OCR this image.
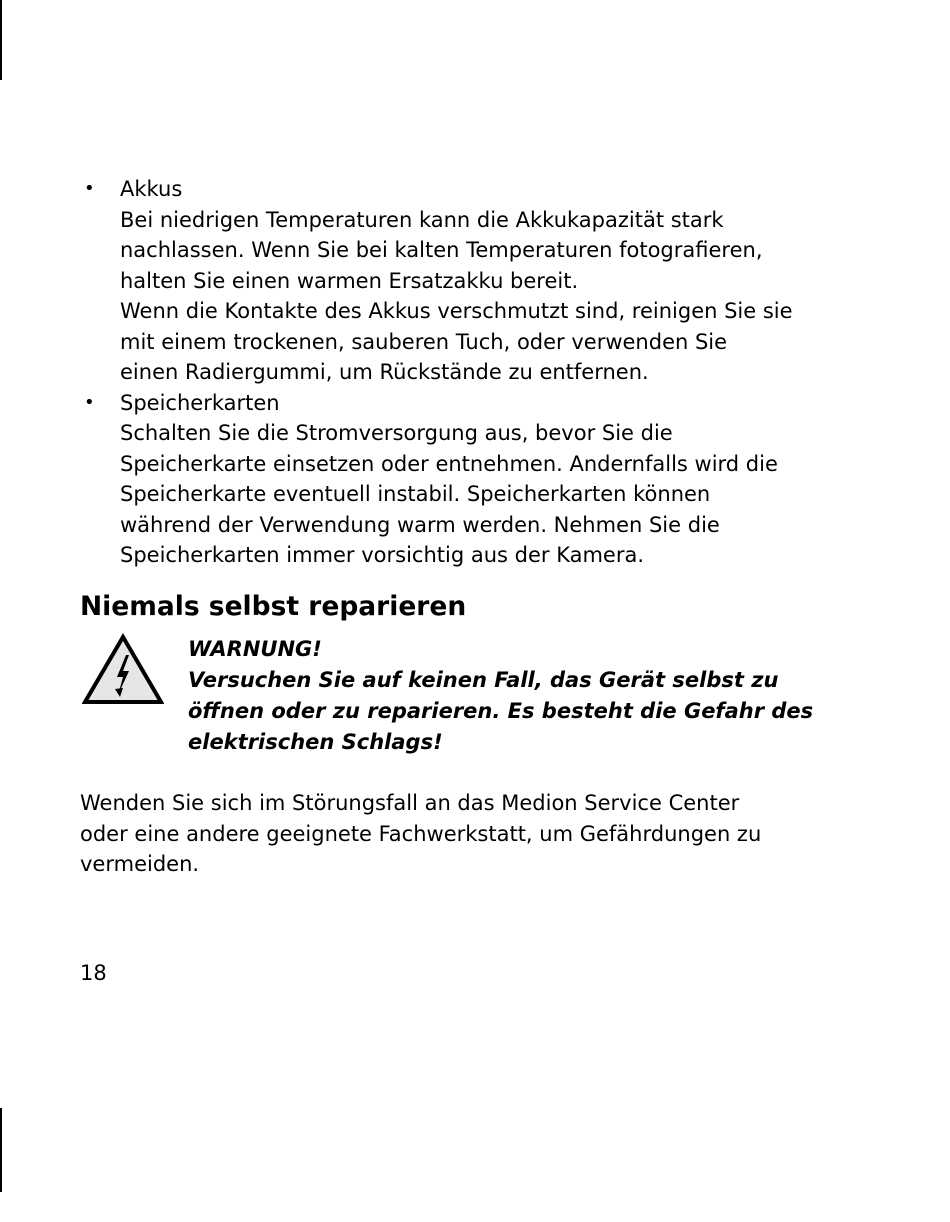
• Akkus
Bei niedrigen Temperaturen kann die Akkukapazität stark
nachlassen. Wenn Sie bei kalten Temperaturen fotografieren,
halten Sie einen warmen Ersatzakku bereit.
Wenn die Kontakte des Akkus verschmutzt sind, reinigen Sie sie
mit einem trockenen, sauberen Tuch, oder verwenden Sie
einen Radiergummi, um Rückstände zu entfernen.
• Speicherkarten
Schalten Sie die Stromversorgung aus, bevor Sie die
Speicherkarte einsetzen oder entnehmen. Andernfalls wird die
Speicherkarte eventuell instabil. Speicherkarten können
während der Verwendung warm werden. Nehmen Sie die
Speicherkarten immer vorsichtig aus der Kamera.
Niemals selbst reparieren
WARNUNG!
Versuchen Sie auf keinen Fall, das Gerät selbst zu
öffnen oder zu reparieren. Es besteht die Gefahr des
elektrischen Schlags!
Wenden Sie sich im Störungsfall an das Medion Service Center
oder eine andere geeignete Fachwerkstatt, um Gefährdungen zu
vermeiden.
18
